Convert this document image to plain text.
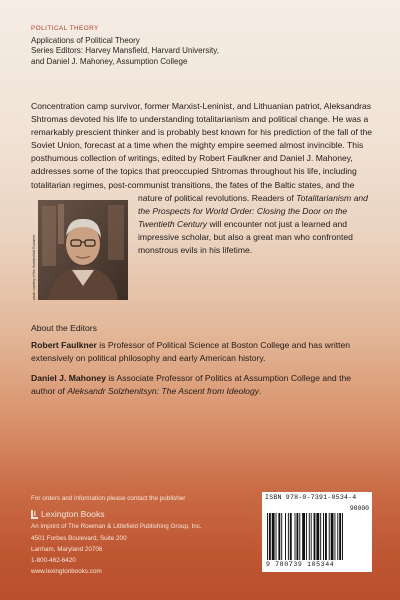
POLITICAL THEORY
Applications of Political Theory
Series Editors: Harvey Mansfield, Harvard University,
and Daniel J. Mahoney, Assumption College
Concentration camp survivor, former Marxist-Leninist, and Lithuanian patriot, Aleksandras Shtromas devoted his life to understanding totalitarianism and political change. He was a remarkably prescient thinker and is probably best known for his prediction of the fall of the Soviet Union, forecast at a time when the mighty empire seemed almost invincible. This posthumous collection of writings, edited by Robert Faulkner and Daniel J. Mahoney, addresses some of the topics that preoccupied Shtromas throughout his life, including totalitarian regimes, post-communist transitions, the fates of the Baltic states, and the nature of political revolutions. Readers of
photo courtesy of the Huddersfield Examiner
Totalitarianism and the Prospects for World Order: Closing the Door on the Twentieth Century will encounter not just a learned and impressive scholar, but also a great man who confronted monstrous evils in his lifetime.
About the Editors
Robert Faulkner is Professor of Political Science at Boston College and has written extensively on political philosophy and early American history.
Daniel J. Mahoney is Associate Professor of Politics at Assumption College and the author of Aleksandr Solzhenitsyn: The Ascent from Ideology.
For orders and information please contact the publisher
Lexington Books
An imprint of The Rowman & Littlefield Publishing Group, Inc.
4501 Forbes Boulevard, Suite 200
Lanham, Maryland 20706
1-800-462-6420
www.lexingtonbooks.com
ISBN 978-0-7391-0534-4
90000
9 780739 105344
